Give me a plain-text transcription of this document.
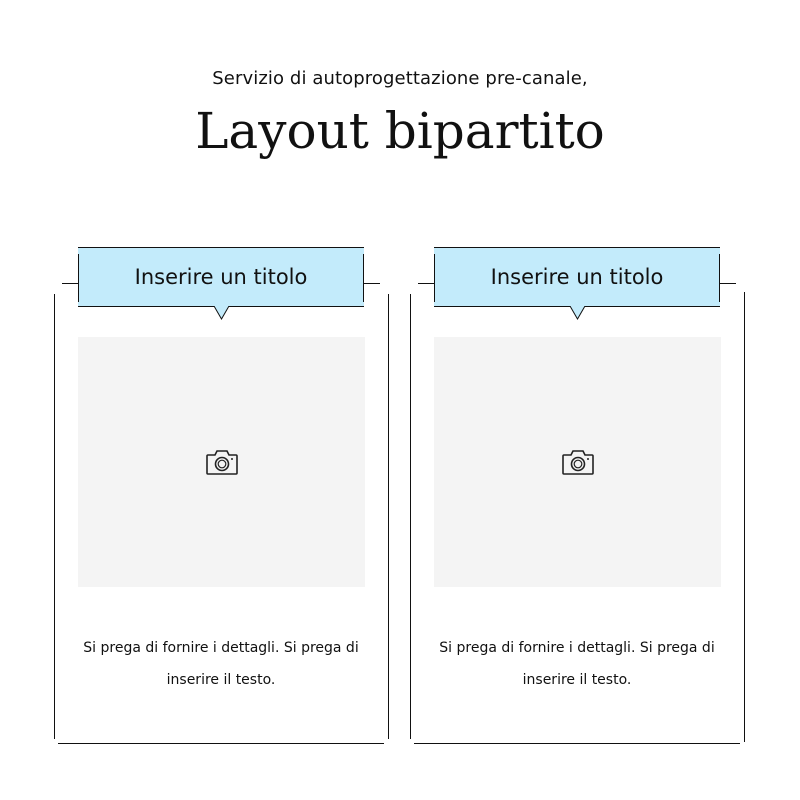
Servizio di autoprogettazione pre-canale,
Layout bipartito
Inserire un titolo
Si prega di fornire i dettagli. Si prega di inserire il testo.
Inserire un titolo
Si prega di fornire i dettagli. Si prega di inserire il testo.
